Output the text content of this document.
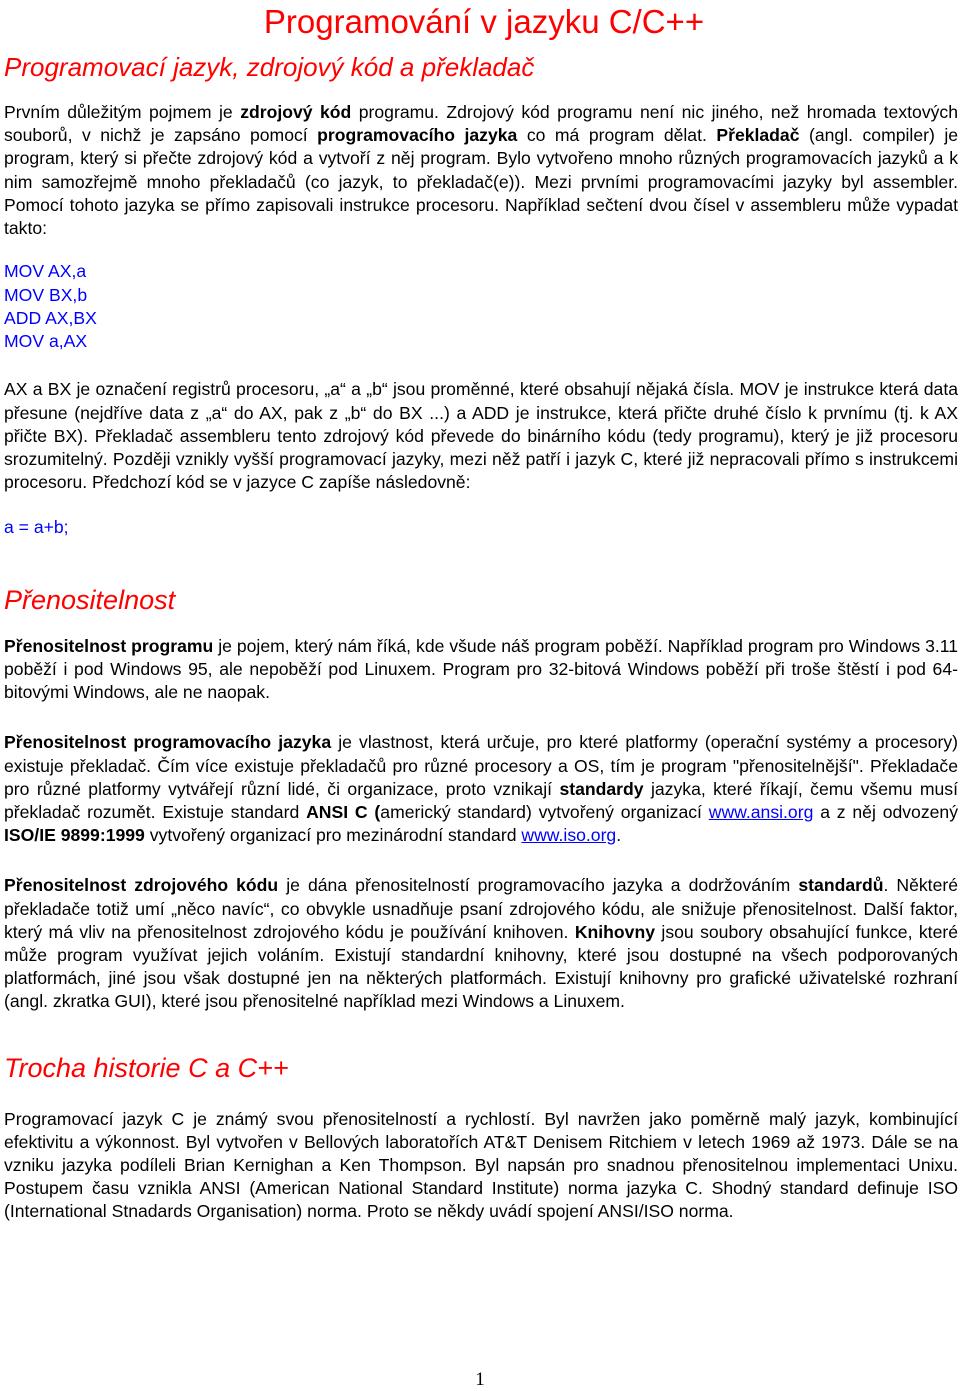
Programování v jazyku C/C++
Programovací jazyk, zdrojový kód a překladač

Prvním důležitým pojmem je zdrojový kód programu. Zdrojový kód programu není nic jiného, než hromada textových souborů, v nichž je zapsáno pomocí programovacího jazyka co má program dělat. Překladač (angl. compiler) je program, který si přečte zdrojový kód a vytvoří z něj program. Bylo vytvořeno mnoho různých programovacích jazyků a k nim samozřejmě mnoho překladačů (co jazyk, to překladač(e)). Mezi prvními programovacími jazyky byl assembler. Pomocí tohoto jazyka se přímo zapisovali instrukce procesoru. Například sečtení dvou čísel v assembleru může vypadat takto:

MOV AX,a
MOV BX,b
ADD AX,BX
MOV a,AX

AX a BX je označení registrů procesoru, „a“ a „b“ jsou proměnné, které obsahují nějaká čísla. MOV je instrukce která data přesune (nejdříve data z „a“ do AX, pak z „b“ do BX ...) a ADD je instrukce, která přičte druhé číslo k prvnímu (tj. k AX přičte BX). Překladač assembleru tento zdrojový kód převede do binárního kódu (tedy programu), který je již procesoru srozumitelný. Později vznikly vyšší programovací jazyky, mezi něž patří i jazyk C, které již nepracovali přímo s instrukcemi procesoru. Předchozí kód se v jazyce C zapíše následovně:

a = a+b;
Přenositelnost

Přenositelnost programu je pojem, který nám říká, kde všude náš program poběží. Například program pro Windows 3.11 poběží i pod Windows 95, ale nepoběží pod Linuxem. Program pro 32-bitová Windows poběží při troše štěstí i pod 64-bitovými Windows, ale ne naopak.

Přenositelnost programovacího jazyka je vlastnost, která určuje, pro které platformy (operační systémy a procesory) existuje překladač. Čím více existuje překladačů pro různé procesory a OS, tím je program "přenositelnější". Překladače pro různé platformy vytvářejí různí lidé, či organizace, proto vznikají standardy jazyka, které říkají, čemu všemu musí překladač rozumět. Existuje standard ANSI C (americký standard) vytvořený organizací www.ansi.org a z něj odvozený ISO/IE 9899:1999 vytvořený organizací pro mezinárodní standard www.iso.org.

Přenositelnost zdrojového kódu je dána přenositelností programovacího jazyka a dodržováním standardů. Některé překladače totiž umí „něco navíc“, co obvykle usnadňuje psaní zdrojového kódu, ale snižuje přenositelnost. Další faktor, který má vliv na přenositelnost zdrojového kódu je používání knihoven. Knihovny jsou soubory obsahující funkce, které může program využívat jejich voláním. Existují standardní knihovny, které jsou dostupné na všech podporovaných platformách, jiné jsou však dostupné jen na některých platformách. Existují knihovny pro grafické uživatelské rozhraní (angl. zkratka GUI), které jsou přenositelné například mezi Windows a Linuxem.

Trocha historie C a C++

Programovací jazyk C je známý svou přenositelností a rychlostí. Byl navržen jako poměrně malý jazyk, kombinující efektivitu a výkonnost. Byl vytvořen v Bellových laboratořích AT&T Denisem Ritchiem v letech 1969 až 1973. Dále se na vzniku jazyka podíleli Brian Kernighan a Ken Thompson. Byl napsán pro snadnou přenositelnou implementaci Unixu. Postupem času vznikla ANSI (American National Standard Institute) norma jazyka C. Shodný standard definuje ISO (International Stnadards Organisation) norma. Proto se někdy uvádí spojení ANSI/ISO norma.

1
